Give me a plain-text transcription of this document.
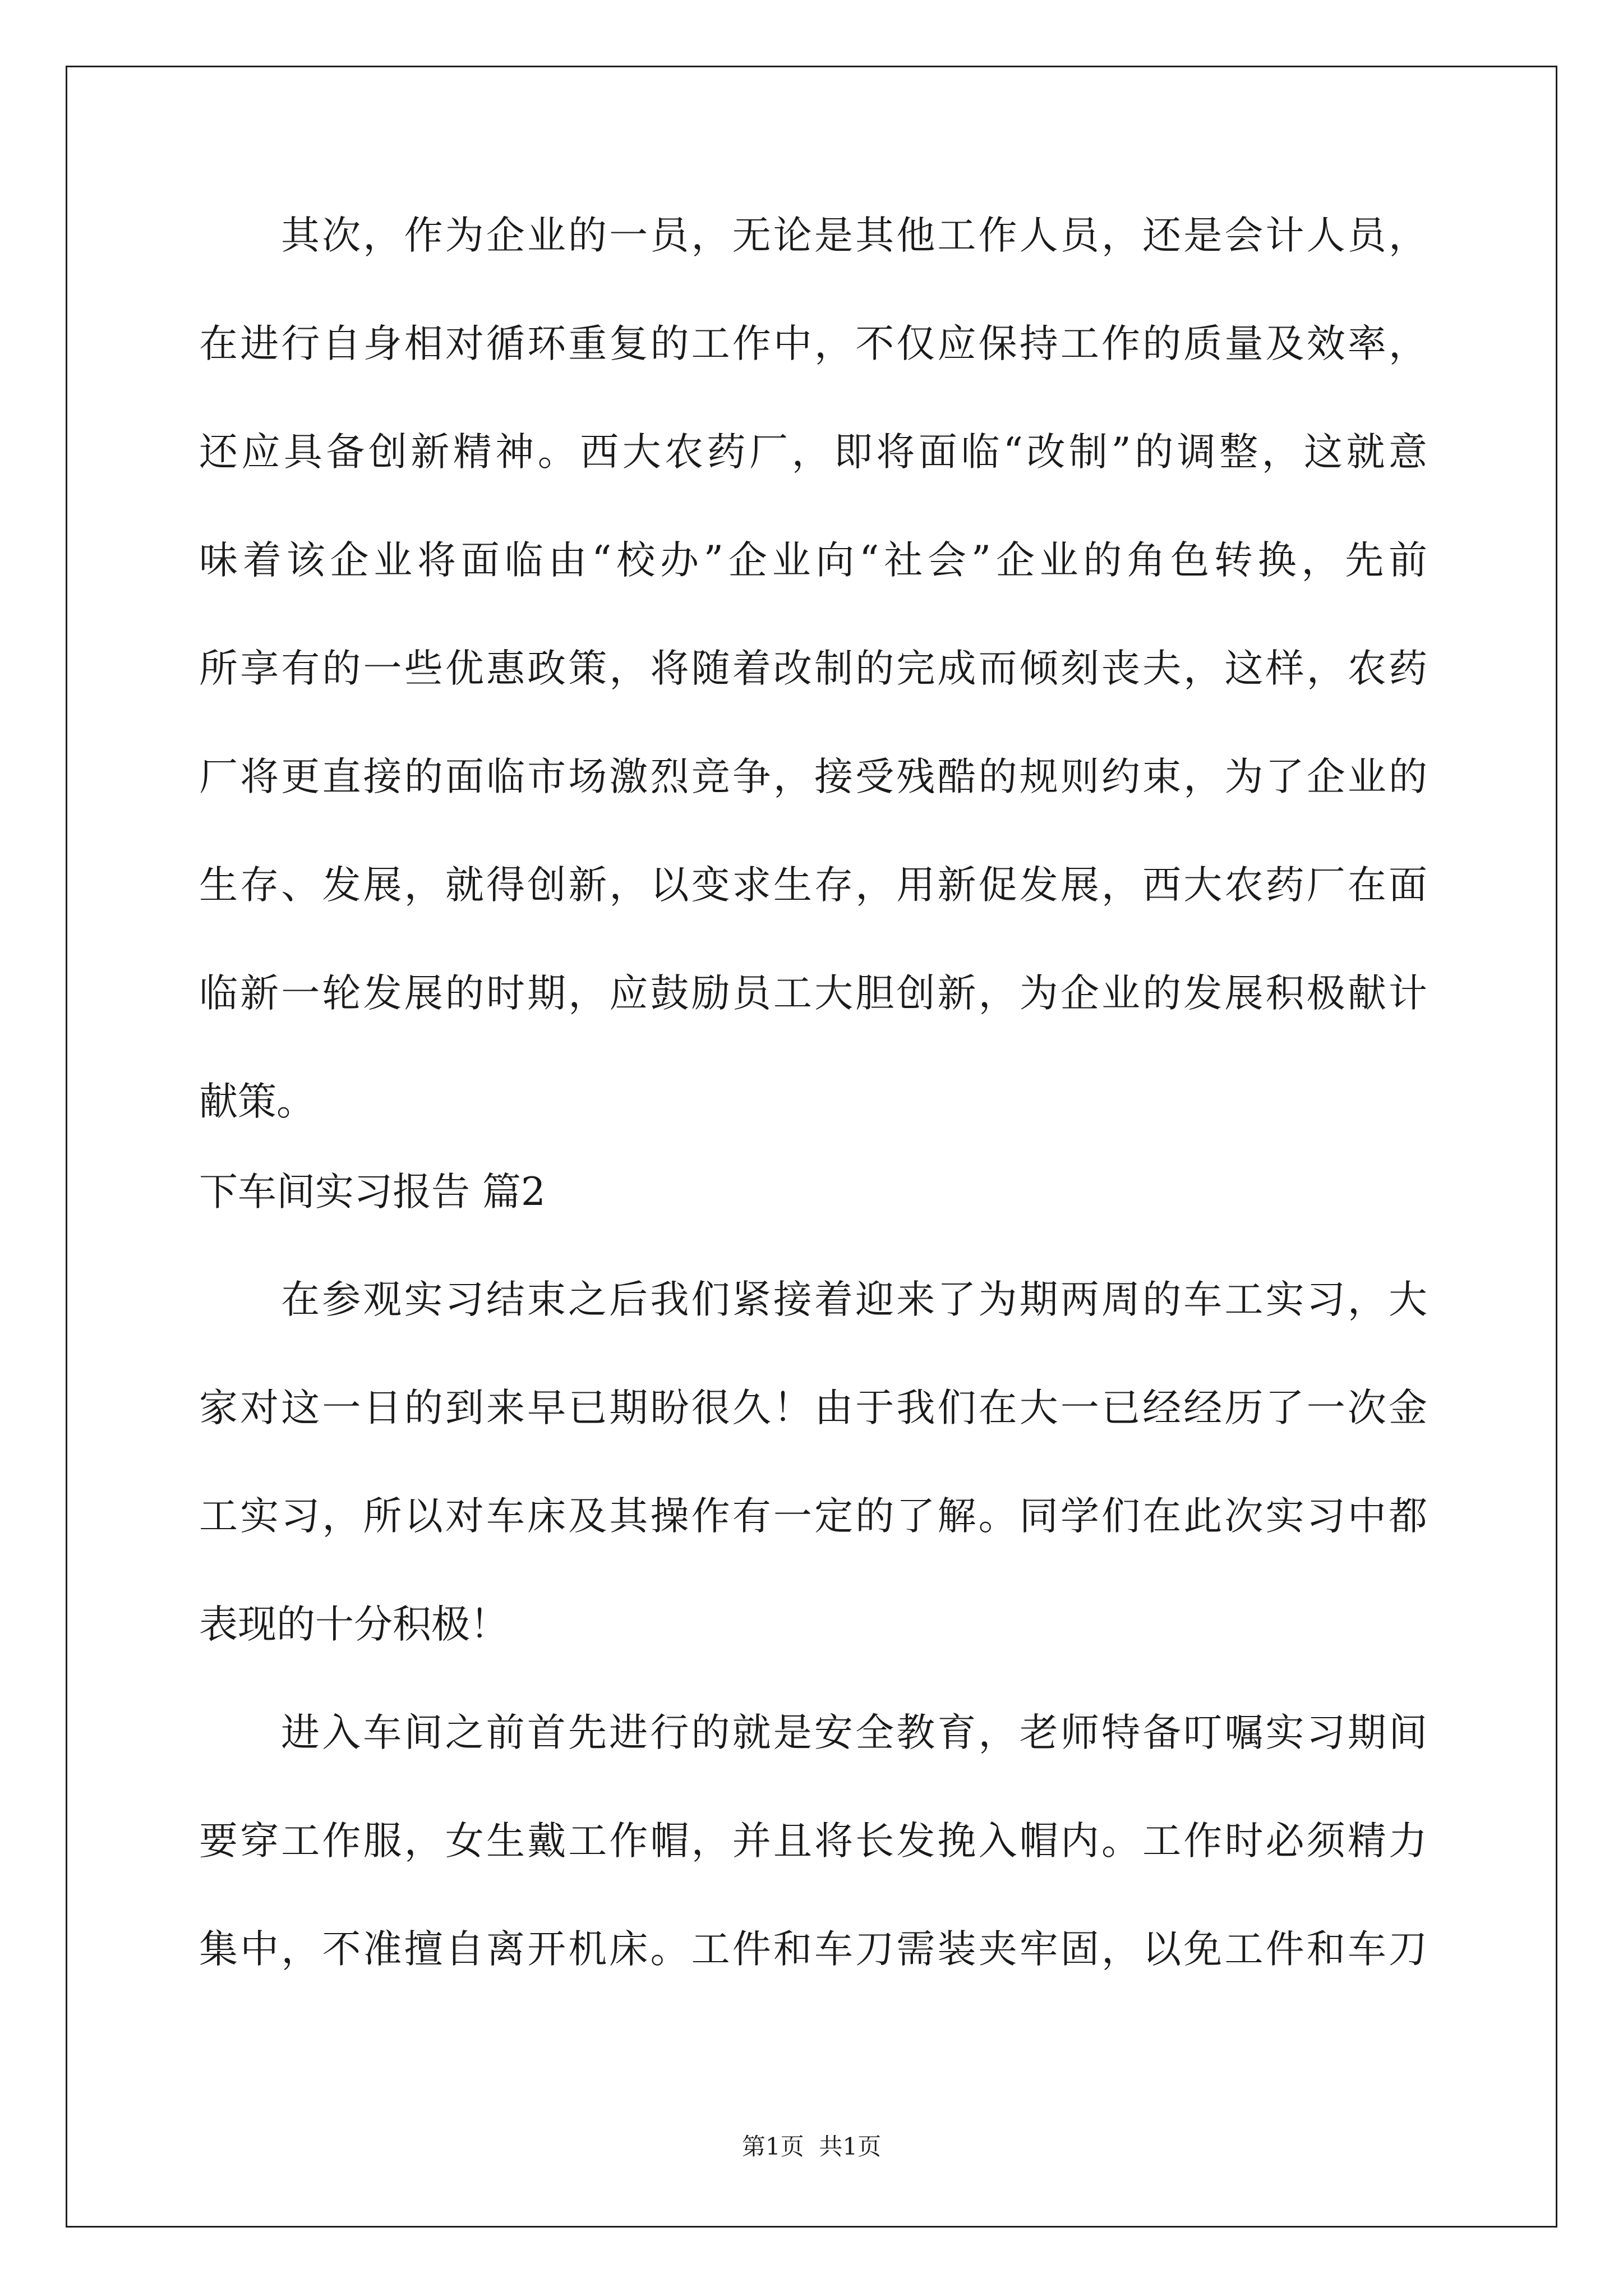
其次，作为企业的一员，无论是其他工作人员，还是会计人员，
在进行自身相对循环重复的工作中，不仅应保持工作的质量及效率，
还应具备创新精神。西大农药厂，即将面临“改制”的调整，这就意
味着该企业将面临由“校办”企业向“社会”企业的角色转换，先前
所享有的一些优惠政策，将随着改制的完成而倾刻丧夫，这样，农药
厂将更直接的面临市场激烈竞争，接受残酷的规则约束，为了企业的
生存、发展，就得创新，以变求生存，用新促发展，西大农药厂在面
临新一轮发展的时期，应鼓励员工大胆创新，为企业的发展积极献计
献策。
下车间实习报告 篇2
在参观实习结束之后我们紧接着迎来了为期两周的车工实习，大
家对这一日的到来早已期盼很久！由于我们在大一已经经历了一次金
工实习，所以对车床及其操作有一定的了解。同学们在此次实习中都
表现的十分积极！
进入车间之前首先进行的就是安全教育，老师特备叮嘱实习期间
要穿工作服，女生戴工作帽，并且将长发挽入帽内。工作时必须精力
集中，不准擅自离开机床。工件和车刀需装夹牢固，以免工件和车刀
第1页  共1页
